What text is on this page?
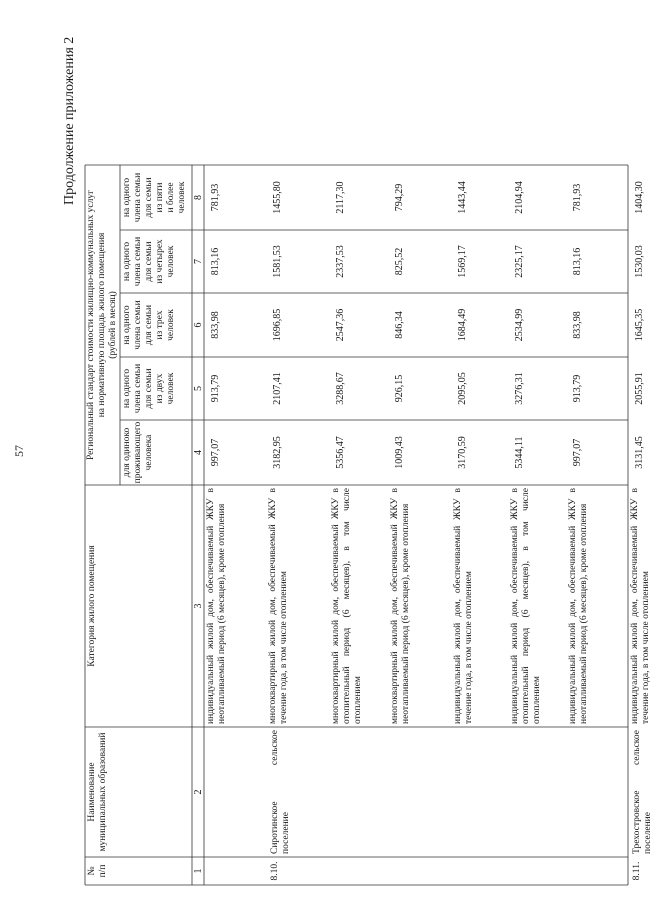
57
Продолжение приложения 2
№
п/п
Наименование
муниципальных образований
Категория жилого помещения
Региональный стандарт стоимости жилищно-коммунальных услуг
на нормативную площадь жилого помещения
(рублей в месяц)
для одиноко
проживающего
человека
на одного
члена семьи
для семьи
из двух
человек
на одного
члена семьи
для семьи
из трех
человек
на одного
члена семьи
для семьи
из четырех
человек
на одного
члена семьи
для семьи
из пяти
и более
человек
1
2
3
4
5
6
7
8
индивидуальный жилой дом, обеспечиваемый ЖКУ в неотапливаемый период (6 месяцев), кроме отопления
997,07
913,79
833,98
813,16
781,93
8.10.
Сиротинское сельское поселение
многоквартирный жилой дом, обеспечиваемый ЖКУ в течение года, в том числе отоплением
3182,95
2107,41
1696,85
1581,53
1455,80
многоквартирный жилой дом, обеспечиваемый ЖКУ в отопительный период (6 месяцев), в том числе отоплением
5356,47
3288,67
2547,36
2337,53
2117,30
многоквартирный жилой дом, обеспечиваемый ЖКУ в неотапливаемый период (6 месяцев), кроме отопления
1009,43
926,15
846,34
825,52
794,29
индивидуальный жилой дом, обеспечиваемый ЖКУ в течение года, в том числе отоплением
3170,59
2095,05
1684,49
1569,17
1443,44
индивидуальный жилой дом, обеспечиваемый ЖКУ в отопительный период (6 месяцев), в том числе отоплением
5344,11
3276,31
2534,99
2325,17
2104,94
индивидуальный жилой дом, обеспечиваемый ЖКУ в неотапливаемый период (6 месяцев), кроме отопления
997,07
913,79
833,98
813,16
781,93
8.11.
Трехостровское сельское поселение
индивидуальный жилой дом, обеспечиваемый ЖКУ в течение года, в том числе отоплением
3131,45
2055,91
1645,35
1530,03
1404,30
